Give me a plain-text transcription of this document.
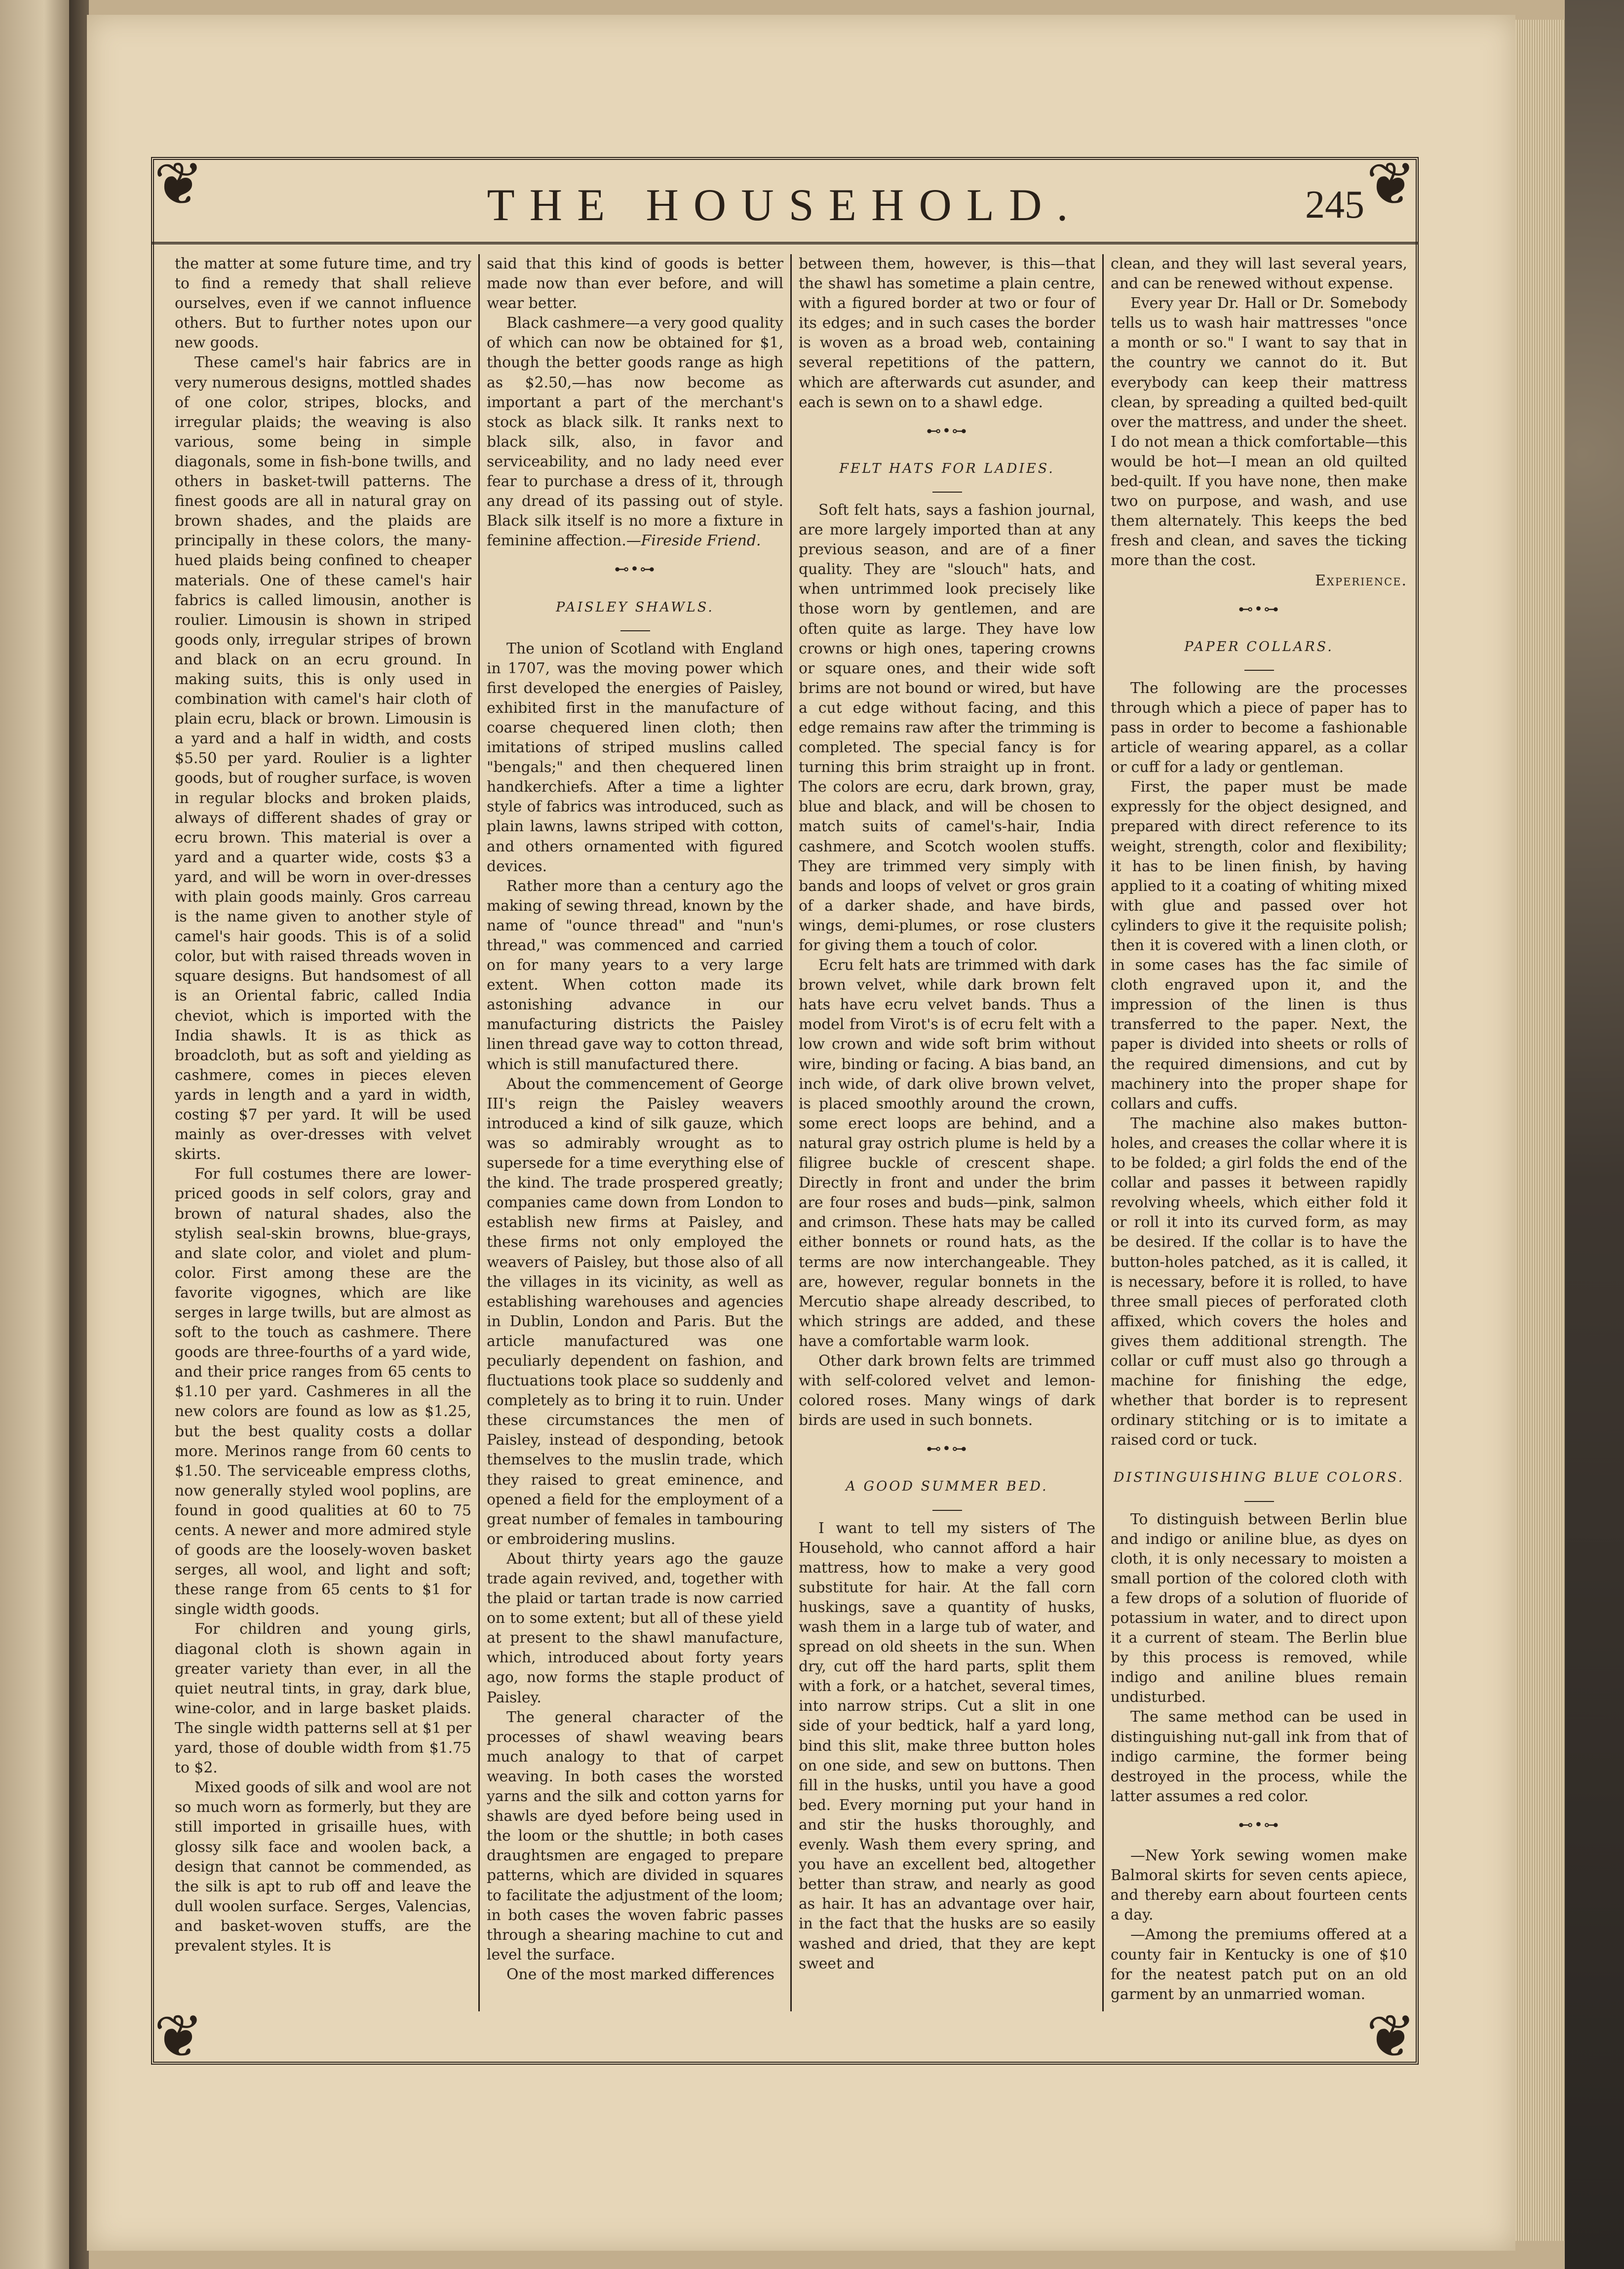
❦	❦
❦	❦
THE HOUSEHOLD.	245

the matter at some future time, and try to find a remedy that shall relieve ourselves, even if we cannot influence others. But to further notes upon our new goods.

These camel's hair fabrics are in very numerous designs, mottled shades of one color, stripes, blocks, and irregular plaids; the weaving is also various, some being in simple diagonals, some in fish-bone twills, and others in basket-twill patterns. The finest goods are all in natural gray on brown shades, and the plaids are principally in these colors, the many-hued plaids being confined to cheaper materials. One of these camel's hair fabrics is called limousin, another is roulier. Limousin is shown in striped goods only, irregular stripes of brown and black on an ecru ground. In making suits, this is only used in combination with camel's hair cloth of plain ecru, black or brown. Limousin is a yard and a half in width, and costs $5.50 per yard. Roulier is a lighter goods, but of rougher surface, is woven in regular blocks and broken plaids, always of different shades of gray or ecru brown. This material is over a yard and a quarter wide, costs $3 a yard, and will be worn in over-dresses with plain goods mainly. Gros carreau is the name given to another style of camel's hair goods. This is of a solid color, but with raised threads woven in square designs. But handsomest of all is an Oriental fabric, called India cheviot, which is imported with the India shawls. It is as thick as broadcloth, but as soft and yielding as cashmere, comes in pieces eleven yards in length and a yard in width, costing $7 per yard. It will be used mainly as over-dresses with velvet skirts.

For full costumes there are lower-priced goods in self colors, gray and brown of natural shades, also the stylish seal-skin browns, blue-grays, and slate color, and violet and plum-color. First among these are the favorite vigognes, which are like serges in large twills, but are almost as soft to the touch as cashmere. There goods are three-fourths of a yard wide, and their price ranges from 65 cents to $1.10 per yard. Cashmeres in all the new colors are found as low as $1.25, but the best quality costs a dollar more. Merinos range from 60 cents to $1.50. The serviceable empress cloths, now generally styled wool poplins, are found in good qualities at 60 to 75 cents. A newer and more admired style of goods are the loosely-woven basket serges, all wool, and light and soft; these range from 65 cents to $1 for single width goods.

For children and young girls, diagonal cloth is shown again in greater variety than ever, in all the quiet neutral tints, in gray, dark blue, wine-color, and in large basket plaids. The single width patterns sell at $1 per yard, those of double width from $1.75 to $2.

Mixed goods of silk and wool are not so much worn as formerly, but they are still imported in grisaille hues, with glossy silk face and woolen back, a design that cannot be commended, as the silk is apt to rub off and leave the dull woolen surface. Serges, Valencias, and basket-woven stuffs, are the prevalent styles. It is

said that this kind of goods is better made now than ever before, and will wear better.

Black cashmere—a very good quality of which can now be obtained for $1, though the better goods range as high as $2.50,—has now become as important a part of the merchant's stock as black silk. It ranks next to black silk, also, in favor and serviceability, and no lady need ever fear to purchase a dress of it, through any dread of its passing out of style. Black silk itself is no more a fixture in feminine affection.—Fireside Friend.

⊷•⊶
PAISLEY SHAWLS.

The union of Scotland with England in 1707, was the moving power which first developed the energies of Paisley, exhibited first in the manufacture of coarse chequered linen cloth; then imitations of striped muslins called "bengals;" and then chequered linen handkerchiefs. After a time a lighter style of fabrics was introduced, such as plain lawns, lawns striped with cotton, and others ornamented with figured devices.

Rather more than a century ago the making of sewing thread, known by the name of "ounce thread" and "nun's thread," was commenced and carried on for many years to a very large extent. When cotton made its astonishing advance in our manufacturing districts the Paisley linen thread gave way to cotton thread, which is still manufactured there.

About the commencement of George III's reign the Paisley weavers introduced a kind of silk gauze, which was so admirably wrought as to supersede for a time everything else of the kind. The trade prospered greatly; companies came down from London to establish new firms at Paisley, and these firms not only employed the weavers of Paisley, but those also of all the villages in its vicinity, as well as establishing warehouses and agencies in Dublin, London and Paris. But the article manufactured was one peculiarly dependent on fashion, and fluctuations took place so suddenly and completely as to bring it to ruin. Under these circumstances the men of Paisley, instead of desponding, betook themselves to the muslin trade, which they raised to great eminence, and opened a field for the employment of a great number of females in tambouring or embroidering muslins.

About thirty years ago the gauze trade again revived, and, together with the plaid or tartan trade is now carried on to some extent; but all of these yield at present to the shawl manufacture, which, introduced about forty years ago, now forms the staple product of Paisley.

The general character of the processes of shawl weaving bears much analogy to that of carpet weaving. In both cases the worsted yarns and the silk and cotton yarns for shawls are dyed before being used in the loom or the shuttle; in both cases draughtsmen are engaged to prepare patterns, which are divided in squares to facilitate the adjustment of the loom; in both cases the woven fabric passes through a shearing machine to cut and level the surface.

One of the most marked differences

between them, however, is this—that the shawl has sometime a plain centre, with a figured border at two or four of its edges; and in such cases the border is woven as a broad web, containing several repetitions of the pattern, which are afterwards cut asunder, and each is sewn on to a shawl edge.

⊷•⊶
FELT HATS FOR LADIES.

Soft felt hats, says a fashion journal, are more largely imported than at any previous season, and are of a finer quality. They are "slouch" hats, and when untrimmed look precisely like those worn by gentlemen, and are often quite as large. They have low crowns or high ones, tapering crowns or square ones, and their wide soft brims are not bound or wired, but have a cut edge without facing, and this edge remains raw after the trimming is completed. The special fancy is for turning this brim straight up in front. The colors are ecru, dark brown, gray, blue and black, and will be chosen to match suits of camel's-hair, India cashmere, and Scotch woolen stuffs. They are trimmed very simply with bands and loops of velvet or gros grain of a darker shade, and have birds, wings, demi-plumes, or rose clusters for giving them a touch of color.

Ecru felt hats are trimmed with dark brown velvet, while dark brown felt hats have ecru velvet bands. Thus a model from Virot's is of ecru felt with a low crown and wide soft brim without wire, binding or facing. A bias band, an inch wide, of dark olive brown velvet, is placed smoothly around the crown, some erect loops are behind, and a natural gray ostrich plume is held by a filigree buckle of crescent shape. Directly in front and under the brim are four roses and buds—pink, salmon and crimson. These hats may be called either bonnets or round hats, as the terms are now interchangeable. They are, however, regular bonnets in the Mercutio shape already described, to which strings are added, and these have a comfortable warm look.

Other dark brown felts are trimmed with self-colored velvet and lemon-colored roses. Many wings of dark birds are used in such bonnets.

⊷•⊶
A GOOD SUMMER BED.

I want to tell my sisters of The Household, who cannot afford a hair mattress, how to make a very good substitute for hair. At the fall corn huskings, save a quantity of husks, wash them in a large tub of water, and spread on old sheets in the sun. When dry, cut off the hard parts, split them with a fork, or a hatchet, several times, into narrow strips. Cut a slit in one side of your bedtick, half a yard long, bind this slit, make three button holes on one side, and sew on buttons. Then fill in the husks, until you have a good bed. Every morning put your hand in and stir the husks thoroughly, and evenly. Wash them every spring, and you have an excellent bed, altogether better than straw, and nearly as good as hair. It has an advantage over hair, in the fact that the husks are so easily washed and dried, that they are kept sweet and

clean, and they will last several years, and can be renewed without expense.

Every year Dr. Hall or Dr. Somebody tells us to wash hair mattresses "once a month or so." I want to say that in the country we cannot do it. But everybody can keep their mattress clean, by spreading a quilted bed-quilt over the mattress, and under the sheet. I do not mean a thick comfortable—this would be hot—I mean an old quilted bed-quilt. If you have none, then make two on purpose, and wash, and use them alternately. This keeps the bed fresh and clean, and saves the ticking more than the cost.

Experience.
⊷•⊶
PAPER COLLARS.

The following are the processes through which a piece of paper has to pass in order to become a fashionable article of wearing apparel, as a collar or cuff for a lady or gentleman.

First, the paper must be made expressly for the object designed, and prepared with direct reference to its weight, strength, color and flexibility; it has to be linen finish, by having applied to it a coating of whiting mixed with glue and passed over hot cylinders to give it the requisite polish; then it is covered with a linen cloth, or in some cases has the fac simile of cloth engraved upon it, and the impression of the linen is thus transferred to the paper. Next, the paper is divided into sheets or rolls of the required dimensions, and cut by machinery into the proper shape for collars and cuffs.

The machine also makes button-holes, and creases the collar where it is to be folded; a girl folds the end of the collar and passes it between rapidly revolving wheels, which either fold it or roll it into its curved form, as may be desired. If the collar is to have the button-holes patched, as it is called, it is necessary, before it is rolled, to have three small pieces of perforated cloth affixed, which covers the holes and gives them additional strength. The collar or cuff must also go through a machine for finishing the edge, whether that border is to represent ordinary stitching or is to imitate a raised cord or tuck.

DISTINGUISHING BLUE COLORS.

To distinguish between Berlin blue and indigo or aniline blue, as dyes on cloth, it is only necessary to moisten a small portion of the colored cloth with a few drops of a solution of fluoride of potassium in water, and to direct upon it a current of steam. The Berlin blue by this process is removed, while indigo and aniline blues remain undisturbed.

The same method can be used in distinguishing nut-gall ink from that of indigo carmine, the former being destroyed in the process, while the latter assumes a red color.

⊷•⊶

—New York sewing women make Balmoral skirts for seven cents apiece, and thereby earn about fourteen cents a day.

—Among the premiums offered at a county fair in Kentucky is one of $10 for the neatest patch put on an old garment by an unmarried woman.
